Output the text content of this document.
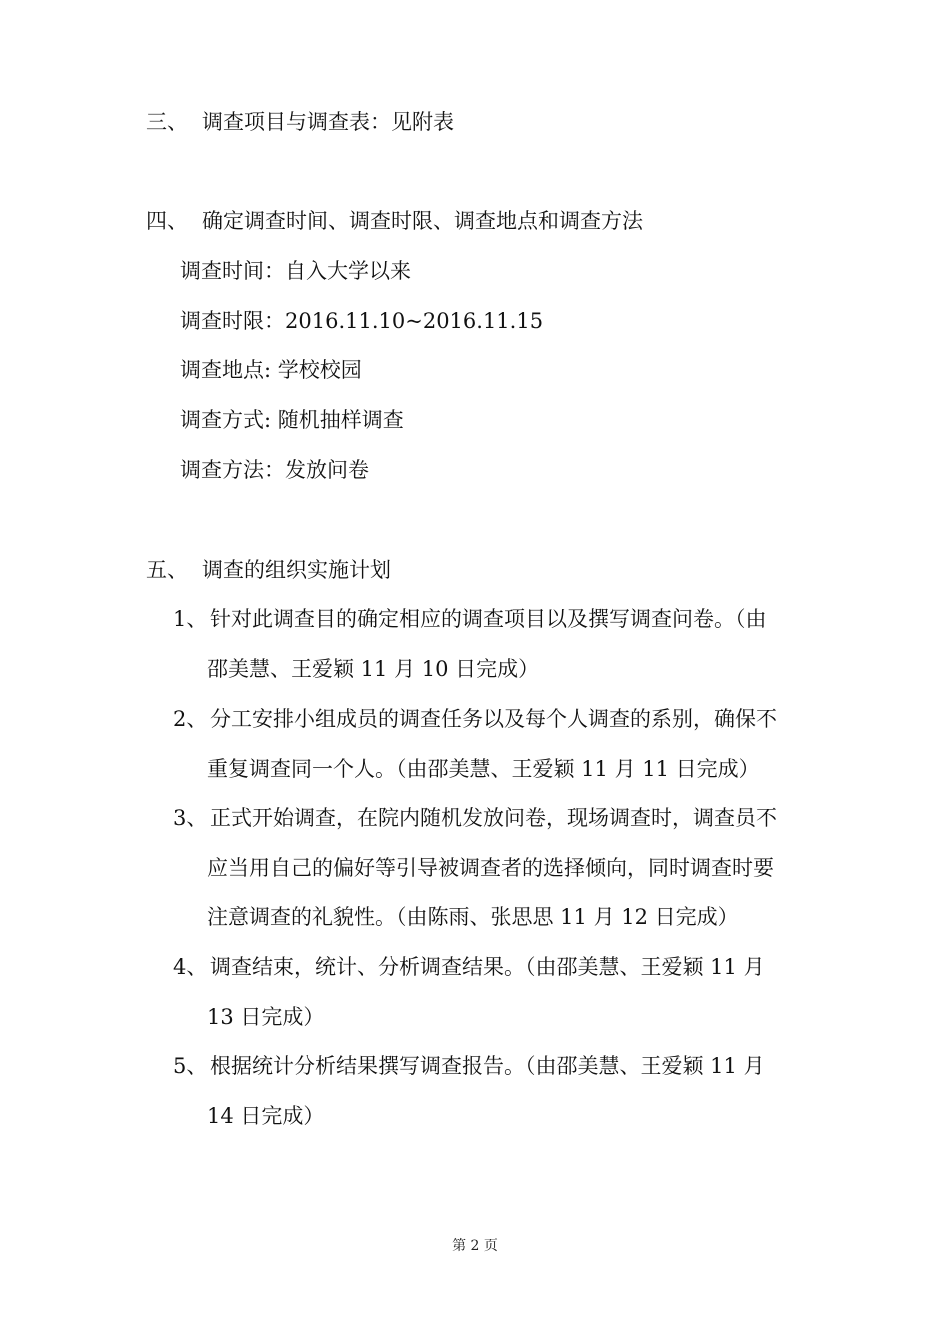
三、 调查项目与调查表：见附表
四、 确定调查时间、调查时限、调查地点和调查方法
调查时间：自入大学以来
调查时限：2016.11.10~2016.11.15
调查地点: 学校校园
调查方式: 随机抽样调查
调查方法：发放问卷
五、 调查的组织实施计划
1、 针对此调查目的确定相应的调查项目以及撰写调查问卷。（由
邵美慧、王爱颖 11 月 10 日完成）
2、 分工安排小组成员的调查任务以及每个人调查的系别，确保不
重复调查同一个人。（由邵美慧、王爱颖 11 月 11 日完成）
3、 正式开始调查，在院内随机发放问卷，现场调查时，调查员不
应当用自己的偏好等引导被调查者的选择倾向，同时调查时要
注意调查的礼貌性。（由陈雨、张思思 11 月 12 日完成）
4、 调查结束，统计、分析调查结果。（由邵美慧、王爱颖 11 月
13 日完成）
5、 根据统计分析结果撰写调查报告。（由邵美慧、王爱颖 11 月
14 日完成）
第 2 页
